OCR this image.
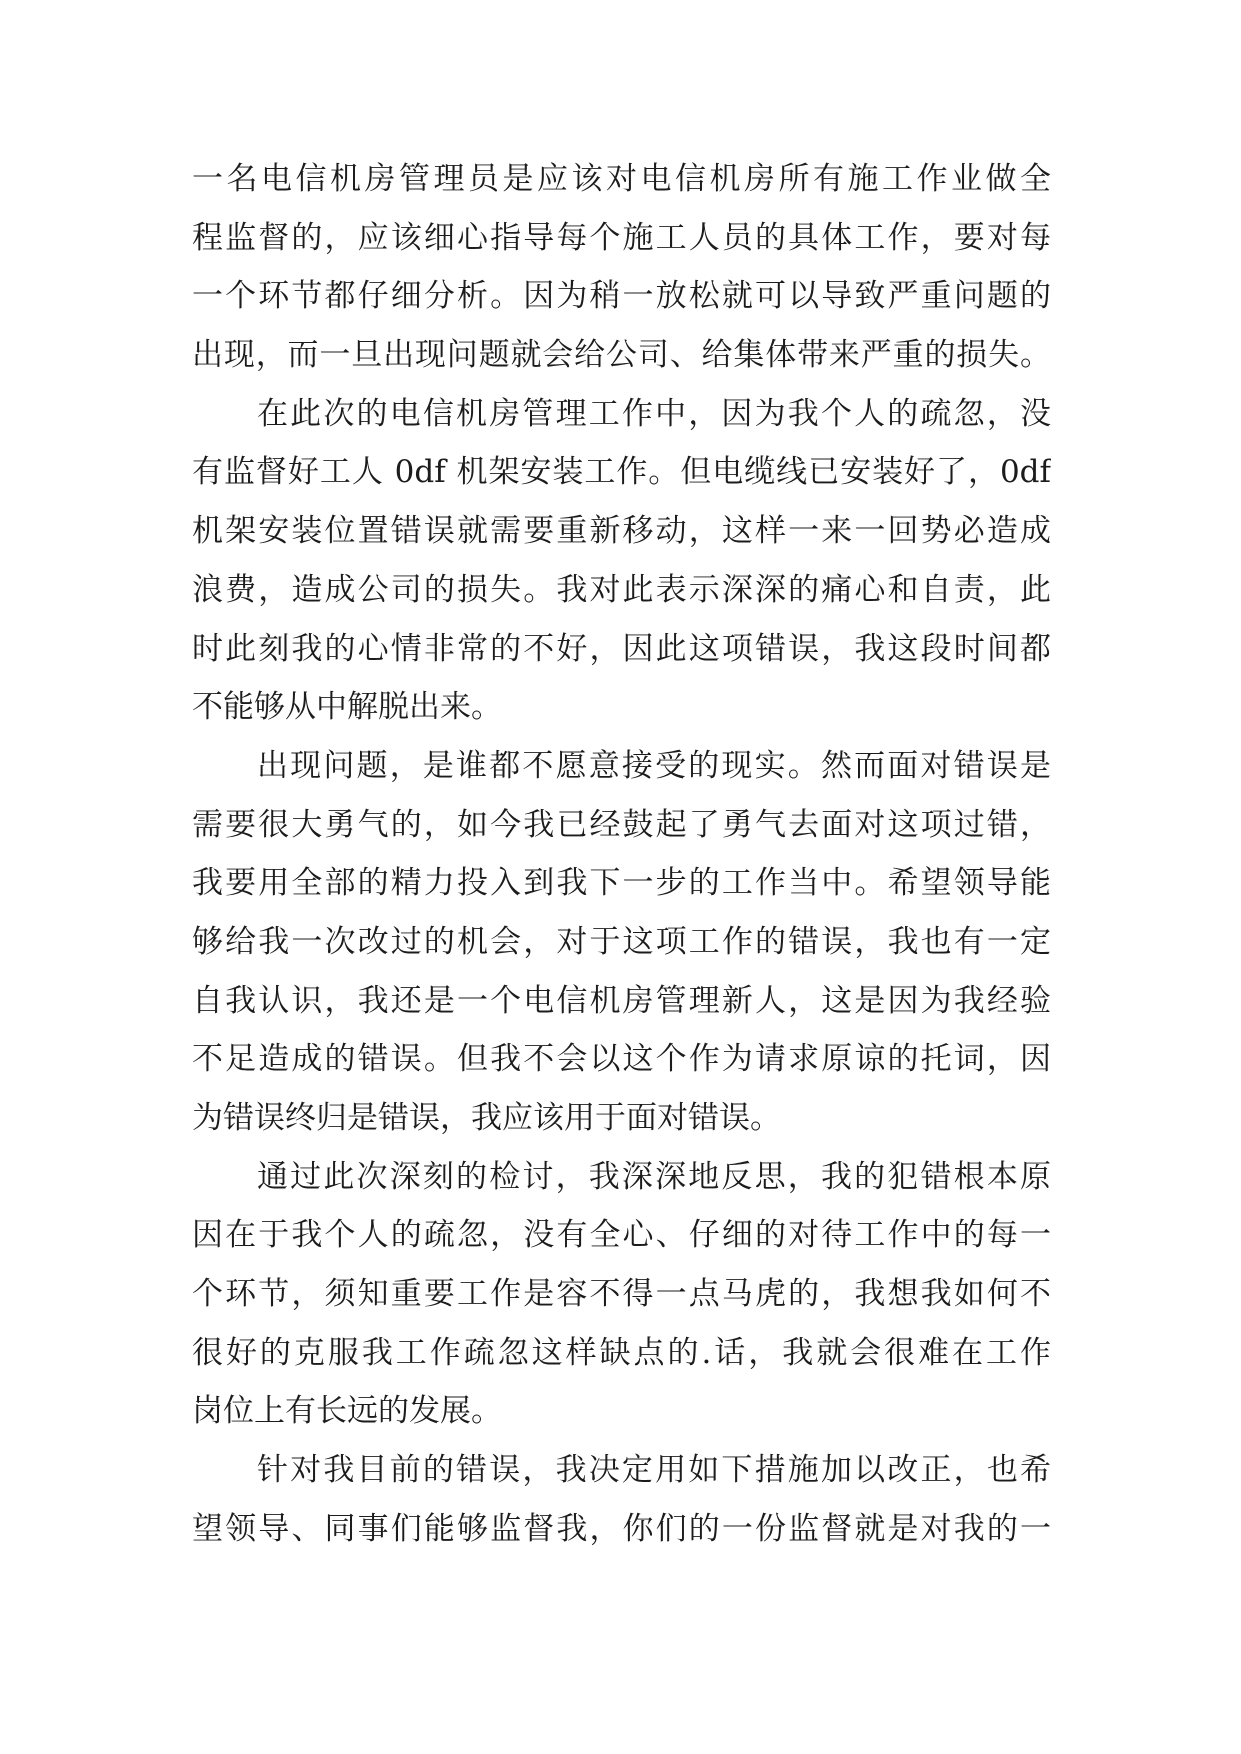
一名电信机房管理员是应该对电信机房所有施工作业做全
程监督的，应该细心指导每个施工人员的具体工作，要对每
一个环节都仔细分析。因为稍一放松就可以导致严重问题的
出现，而一旦出现问题就会给公司、给集体带来严重的损失。
在此次的电信机房管理工作中，因为我个人的疏忽，没
有监督好工人 0df 机架安装工作。但电缆线已安装好了，0df
机架安装位置错误就需要重新移动，这样一来一回势必造成
浪费，造成公司的损失。我对此表示深深的痛心和自责，此
时此刻我的心情非常的不好，因此这项错误，我这段时间都
不能够从中解脱出来。
出现问题，是谁都不愿意接受的现实。然而面对错误是
需要很大勇气的，如今我已经鼓起了勇气去面对这项过错，
我要用全部的精力投入到我下一步的工作当中。希望领导能
够给我一次改过的机会，对于这项工作的错误，我也有一定
自我认识，我还是一个电信机房管理新人，这是因为我经验
不足造成的错误。但我不会以这个作为请求原谅的托词，因
为错误终归是错误，我应该用于面对错误。
通过此次深刻的检讨，我深深地反思，我的犯错根本原
因在于我个人的疏忽，没有全心、仔细的对待工作中的每一
个环节，须知重要工作是容不得一点马虎的，我想我如何不
很好的克服我工作疏忽这样缺点的.话，我就会很难在工作
岗位上有长远的发展。
针对我目前的错误，我决定用如下措施加以改正，也希
望领导、同事们能够监督我，你们的一份监督就是对我的一
